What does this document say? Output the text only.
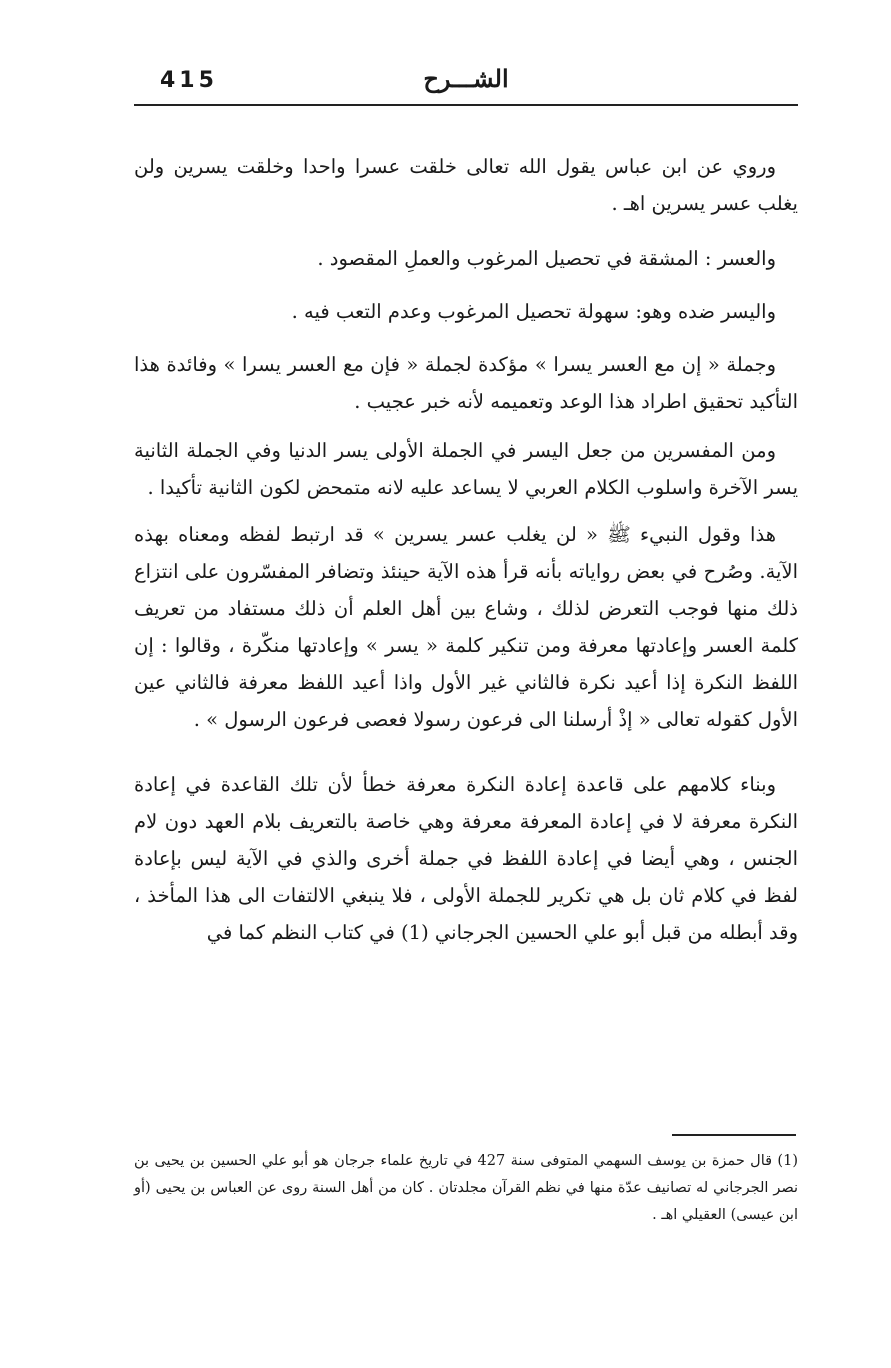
415	الشـــرح

وروي عن ابن عباس يقول الله تعالى خلقت عسرا واحدا وخلقت يسرين ولن يغلب عسر يسرين اهـ .

والعسر : المشقة في تحصيل المرغوب والعملِ المقصود .

واليسر ضده وهو: سهولة تحصيل المرغوب وعدم التعب فيه .

وجملة « إن مع العسر يسرا » مؤكدة لجملة « فإن مع العسر يسرا » وفائدة هذا التأكيد تحقيق اطراد هذا الوعد وتعميمه لأنه خبر عجيب .

ومن المفسرين من جعل اليسر في الجملة الأولى يسر الدنيا وفي الجملة الثانية يسر الآخرة واسلوب الكلام العربي لا يساعد عليه لانه متمحض لكون الثانية تأكيدا .

هذا وقول النبيء ﷺ « لن يغلب عسر يسرين » قد ارتبط لفظه ومعناه بهذه الآية. وصُرح في بعض رواياته بأنه قرأ هذه الآية حينئذ وتضافر المفسّرون على انتزاع ذلك منها فوجب التعرض لذلك ، وشاع بين أهل العلم أن ذلك مستفاد من تعريف كلمة العسر وإعادتها معرفة ومن تنكير كلمة « يسر » وإعادتها منكّرة ، وقالوا : إن اللفظ النكرة إذا أعيد نكرة فالثاني غير الأول واذا أعيد اللفظ معرفة فالثاني عين الأول كقوله تعالى « إذْ أرسلنا الى فرعون رسولا فعصى فرعون الرسول » .

وبناء كلامهم على قاعدة إعادة النكرة معرفة خطأ لأن تلك القاعدة في إعادة النكرة معرفة لا في إعادة المعرفة معرفة وهي خاصة بالتعريف بلام العهد دون لام الجنس ، وهي أيضا في إعادة اللفظ في جملة أخرى والذي في الآية ليس بإعادة لفظ في كلام ثان بل هي تكرير للجملة الأولى ، فلا ينبغي الالتفات الى هذا المأخذ ، وقد أبطله من قبل أبو علي الحسين الجرجاني (1) في كتاب النظم كما في

(1) قال حمزة بن يوسف السهمي المتوفى سنة 427 في تاريخ علماء جرجان هو أبو علي الحسين بن يحيى بن نصر الجرجاني له تصانيف عدّة منها في نظم القرآن مجلدتان . كان من أهل السنة روى عن العباس بن يحيى (أو ابن عيسى) العقيلي اهـ .
